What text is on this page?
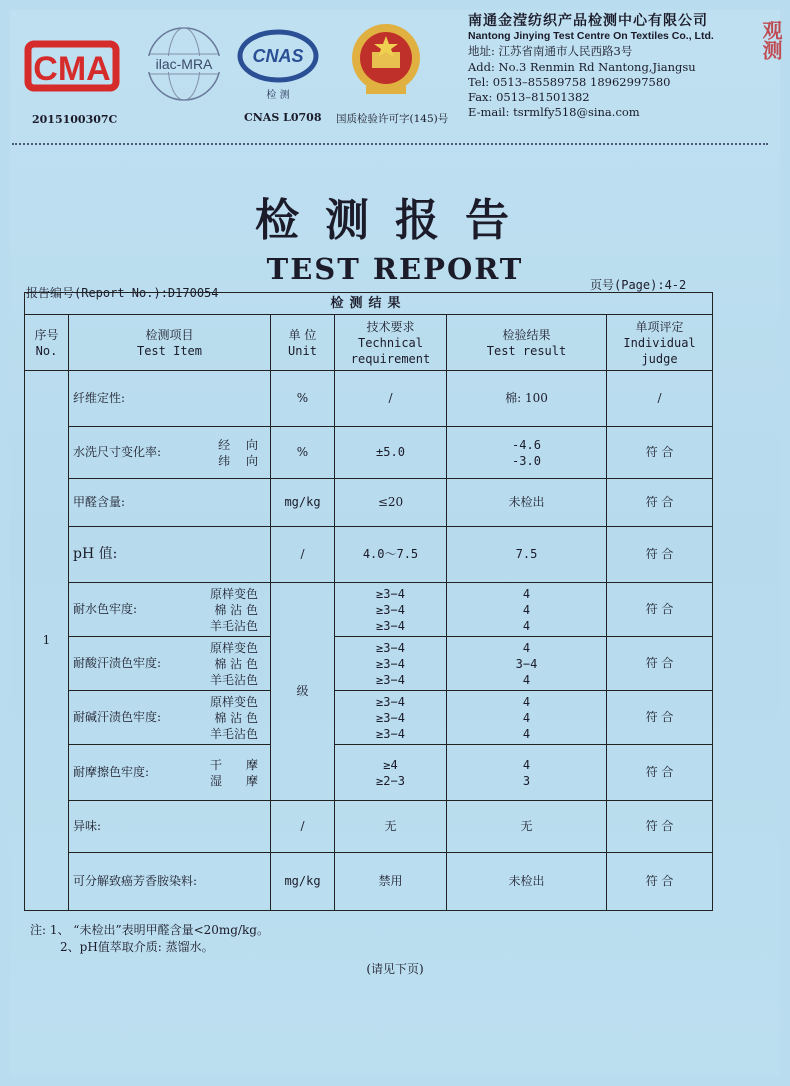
CMA
2015100307C
ilac-MRA CNAS
检 测
CNAS L0708 国质检验许可字(145)号
南通金滢纺织产品检测中心有限公司
Nantong Jinying Test Centre On Textiles Co., Ltd.
地址: 江苏省南通市人民西路3号
Add: No.3 Renmin Rd Nantong,Jiangsu
Tel: 0513–85589758 18962997580
Fax: 0513–81501382
E-mail: tsrmlfy518@sina.com
观测
检测报告
TEST REPORT
报告编号(Report No.):D170054
页号(Page):4-2
检测结果					

序号
No.	检测项目
Test Item	单 位
Unit	技术要求
Technical
requirement	检验结果
Test result	单项评定
Individual
judge

1	纤维定性:	%	/	棉: 100	/

	水洗尺寸变化率:
经　 向
纬　 向	%	±5.0	-4.6
-3.0	符 合
	甲醛含量:	mg/kg	≤20	未检出	符 合
	pH 值:	/	4.0～7.5	7.5	符 合

	耐水色牢度:
原样变色
棉 沾 色
羊毛沾色	级	≥3−4
≥3−4
≥3−4	4
4
4	符 合

	耐酸汗渍色牢度:
原样变色
棉 沾 色
羊毛沾色		≥3−4
≥3−4
≥3−4	4
3−4
4	符 合

	耐碱汗渍色牢度:
原样变色
棉 沾 色
羊毛沾色		≥3−4
≥3−4
≥3−4	4
4
4	符 合

	耐摩擦色牢度:
干　　摩
湿　　摩		≥4
≥2−3	4
3	符 合
	异味:	/	无	无	符 合
	可分解致癌芳香胺染料:	mg/kg	禁用	未检出	符 合
注: 1、 “未检出”表明甲醛含量<20mg/kg。
2、pH值萃取介质: 蒸馏水。
(请见下页)
